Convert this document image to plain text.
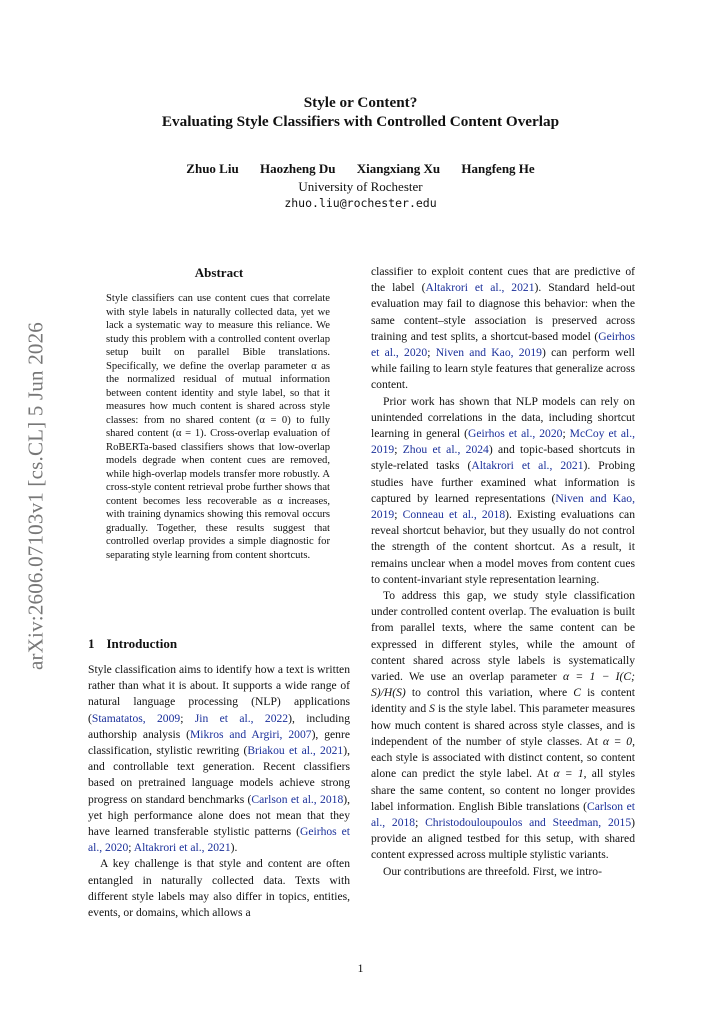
arXiv:2606.07103v1 [cs.CL] 5 Jun 2026
Style or Content?
Evaluating Style Classifiers with Controlled Content Overlap
Zhuo Liu Haozheng Du Xiangxiang Xu Hangfeng He
University of Rochester
zhuo.liu@rochester.edu
Abstract
Style classifiers can use content cues that correlate with style labels in naturally collected data, yet we lack a systematic way to measure this reliance. We study this problem with a controlled content overlap setup built on parallel Bible translations. Specifically, we define the overlap parameter α as the normalized residual of mutual information between content identity and style label, so that it measures how much content is shared across style classes: from no shared content (α = 0) to fully shared content (α = 1). Cross-overlap evaluation of RoBERTa-based classifiers shows that low-overlap models degrade when content cues are removed, while high-overlap models transfer more robustly. A cross-style content retrieval probe further shows that content becomes less recoverable as α increases, with training dynamics showing this removal occurs gradually. Together, these results suggest that controlled overlap provides a simple diagnostic for separating style learning from content shortcuts.
1 Introduction

Style classification aims to identify how a text is written rather than what it is about. It supports a wide range of natural language processing (NLP) applications (Stamatatos, 2009; Jin et al., 2022), including authorship analysis (Mikros and Argiri, 2007), genre classification, stylistic rewriting (Briakou et al., 2021), and controllable text generation. Recent classifiers based on pretrained language models achieve strong progress on standard benchmarks (Carlson et al., 2018), yet high performance alone does not mean that they have learned transferable stylistic patterns (Geirhos et al., 2020; Altakrori et al., 2021).

A key challenge is that style and content are often entangled in naturally collected data. Texts with different style labels may also differ in topics, entities, events, or domains, which allows a

classifier to exploit content cues that are predictive of the label (Altakrori et al., 2021). Standard held-out evaluation may fail to diagnose this behavior: when the same content–style association is preserved across training and test splits, a shortcut-based model (Geirhos et al., 2020; Niven and Kao, 2019) can perform well while failing to learn style features that generalize across content.

Prior work has shown that NLP models can rely on unintended correlations in the data, including shortcut learning in general (Geirhos et al., 2020; McCoy et al., 2019; Zhou et al., 2024) and topic-based shortcuts in style-related tasks (Altakrori et al., 2021). Probing studies have further examined what information is captured by learned representations (Niven and Kao, 2019; Conneau et al., 2018). Existing evaluations can reveal shortcut behavior, but they usually do not control the strength of the content shortcut. As a result, it remains unclear when a model moves from content cues to content-invariant style representation learning.

To address this gap, we study style classification under controlled content overlap. The evaluation is built from parallel texts, where the same content can be expressed in different styles, while the amount of content shared across style labels is systematically varied. We use an overlap parameter α = 1 − I(C; S)/H(S) to control this variation, where C is content identity and S is the style label. This parameter measures how much content is shared across style classes, and is independent of the number of style classes. At α = 0, each style is associated with distinct content, so content alone can predict the style label. At α = 1, all styles share the same content, so content no longer provides label information. English Bible translations (Carlson et al., 2018; Christodouloupoulos and Steedman, 2015) provide an aligned testbed for this setup, with shared content expressed across multiple stylistic variants.

Our contributions are threefold. First, we intro-

1
